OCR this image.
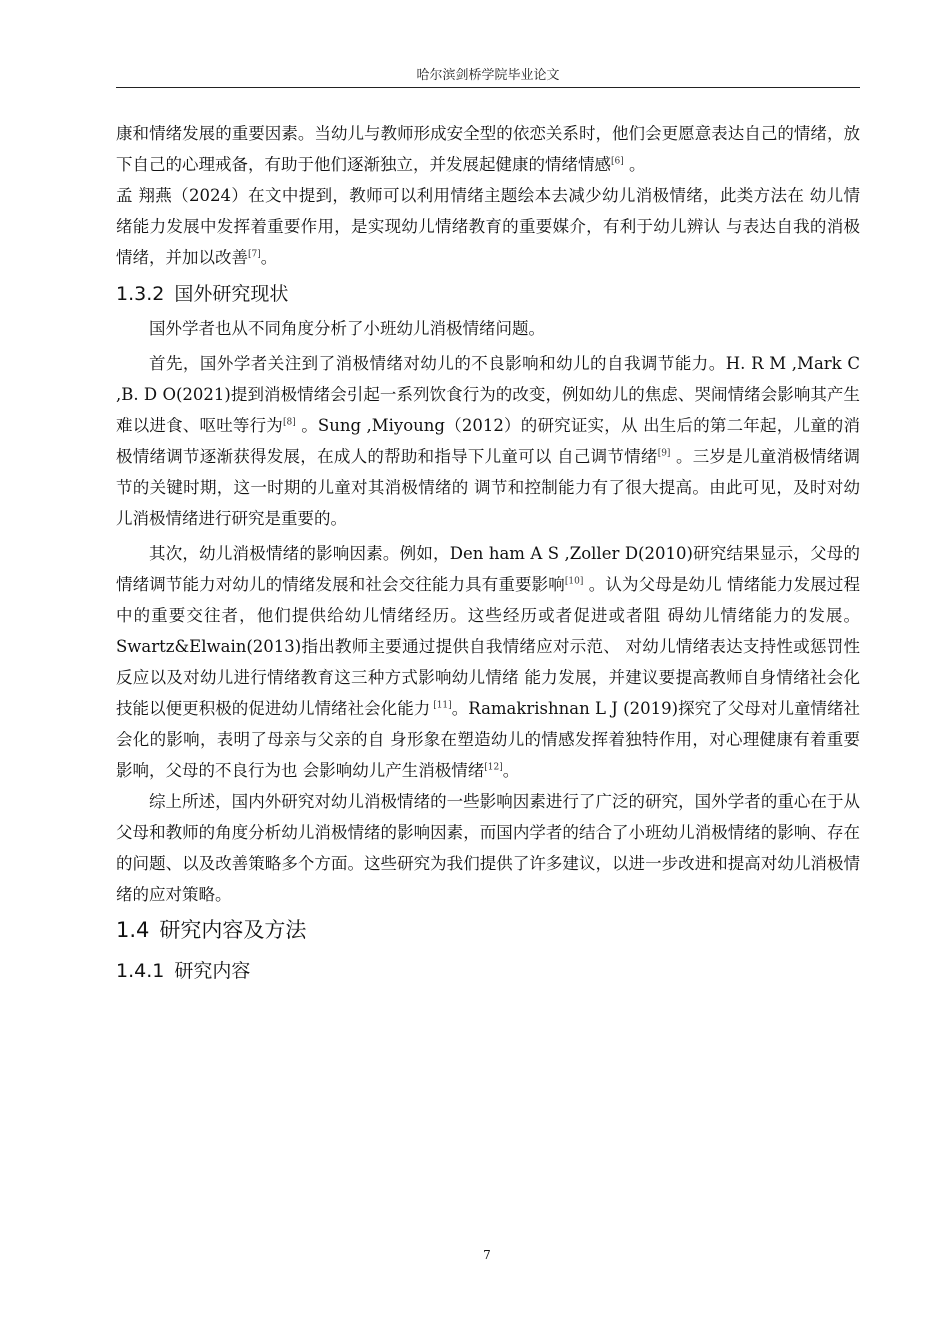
哈尔滨剑桥学院毕业论文

康和情绪发展的重要因素。当幼儿与教师形成安全型的依恋关系时，他们会更愿意表达自己的情绪，放下自己的心理戒备，有助于他们逐渐独立，并发展起健康的情绪情感[6] 。

孟 翔燕（2024）在文中提到，教师可以利用情绪主题绘本去减少幼儿消极情绪，此类方法在 幼儿情绪能力发展中发挥着重要作用，是实现幼儿情绪教育的重要媒介，有利于幼儿辨认 与表达自我的消极情绪，并加以改善[7]。

1.3.2 国外研究现状

国外学者也从不同角度分析了小班幼儿消极情绪问题。

首先，国外学者关注到了消极情绪对幼儿的不良影响和幼儿的自我调节能力。H. R M ,Mark C ,B. D O(2021)提到消极情绪会引起一系列饮食行为的改变，例如幼儿的焦虑、哭闹情绪会影响其产生难以进食、呕吐等行为[8] 。Sung ,Miyoung（2012）的研究证实，从 出生后的第二年起，儿童的消极情绪调节逐渐获得发展，在成人的帮助和指导下儿童可以 自己调节情绪[9] 。三岁是儿童消极情绪调节的关键时期，这一时期的儿童对其消极情绪的 调节和控制能力有了很大提高。由此可见，及时对幼儿消极情绪进行研究是重要的。

其次，幼儿消极情绪的影响因素。例如，Den ham A S ,Zoller D(2010)研究结果显示，父母的情绪调节能力对幼儿的情绪发展和社会交往能力具有重要影响[10] 。认为父母是幼儿 情绪能力发展过程中的重要交往者，他们提供给幼儿情绪经历。这些经历或者促进或者阻 碍幼儿情绪能力的发展。Swartz&Elwain(2013)指出教师主要通过提供自我情绪应对示范、 对幼儿情绪表达支持性或惩罚性反应以及对幼儿进行情绪教育这三种方式影响幼儿情绪 能力发展，并建议要提高教师自身情绪社会化技能以便更积极的促进幼儿情绪社会化能力 [11]。Ramakrishnan L J (2019)探究了父母对儿童情绪社会化的影响，表明了母亲与父亲的自 身形象在塑造幼儿的情感发挥着独特作用，对心理健康有着重要影响，父母的不良行为也 会影响幼儿产生消极情绪[12]。

综上所述，国内外研究对幼儿消极情绪的一些影响因素进行了广泛的研究，国外学者的重心在于从父母和教师的角度分析幼儿消极情绪的影响因素，而国内学者的结合了小班幼儿消极情绪的影响、存在的问题、以及改善策略多个方面。这些研究为我们提供了许多建议，以进一步改进和提高对幼儿消极情绪的应对策略。

1.4 研究内容及方法
1.4.1 研究内容
7
